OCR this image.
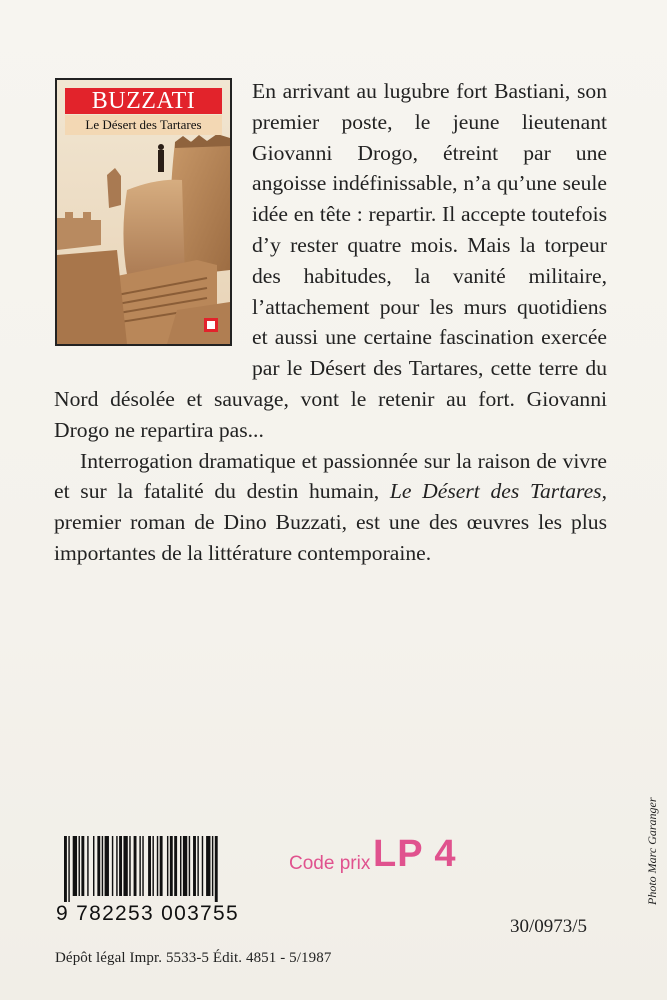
BUZZATI
Le Désert des Tartares

En arrivant au lugubre fort Bastiani, son premier poste, le jeune lieutenant Giovanni Drogo, étreint par une angoisse indéfinissable, n’a qu’une seule idée en tête : repartir. Il accepte toutefois d’y rester quatre mois. Mais la torpeur des habitudes, la vanité militaire, l’attachement pour les murs quotidiens et aussi une certaine fascination exercée par le Désert des Tartares, cette terre du Nord désolée et sauvage, vont le retenir au fort. Giovanni Drogo ne repartira pas...

Interrogation dramatique et passionnée sur la raison de vivre et sur la fatalité du destin humain, Le Désert des Tartares, premier roman de Dino Buzzati, est une des œuvres les plus importantes de la littérature contemporaine.

9 782253 003755
Code prix LP 4
30/0973/5
Photo Marc Garanger
Dépôt légal Impr. 5533-5 Édit. 4851 - 5/1987
